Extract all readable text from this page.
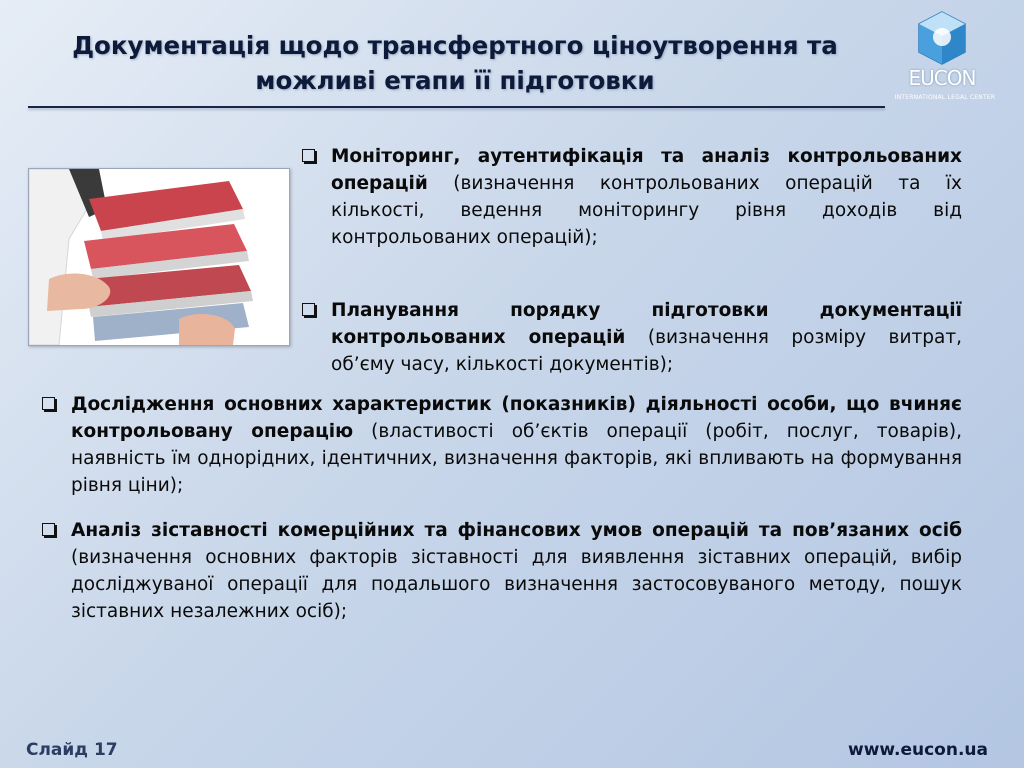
Документація щодо трансфертного ціноутворення та
можливі етапи її підготовки	EUCON
INTERNATIONAL LEGAL CENTER
Моніторинг, аутентифікація та аналіз контрольованих операцій (визначення контрольованих операцій та їх кількості, ведення моніторингу рівня доходів від контрольованих операцій);
Планування порядку підготовки документації контрольованих операцій (визначення розміру витрат, об’єму часу, кількості документів);
Дослідження основних характеристик (показників) діяльності особи, що вчиняє контрольовану операцію (властивості об’єктів операції (робіт, послуг, товарів), наявність їм однорідних, ідентичних, визначення факторів, які впливають на формування рівня ціни);
Аналіз зіставності комерційних та фінансових умов операцій та пов’язаних осіб (визначення основних факторів зіставності для виявлення зіставних операцій, вибір досліджуваної операції для подальшого визначення застосовуваного методу, пошук зіставних незалежних осіб);
Слайд 17	www.eucon.ua
